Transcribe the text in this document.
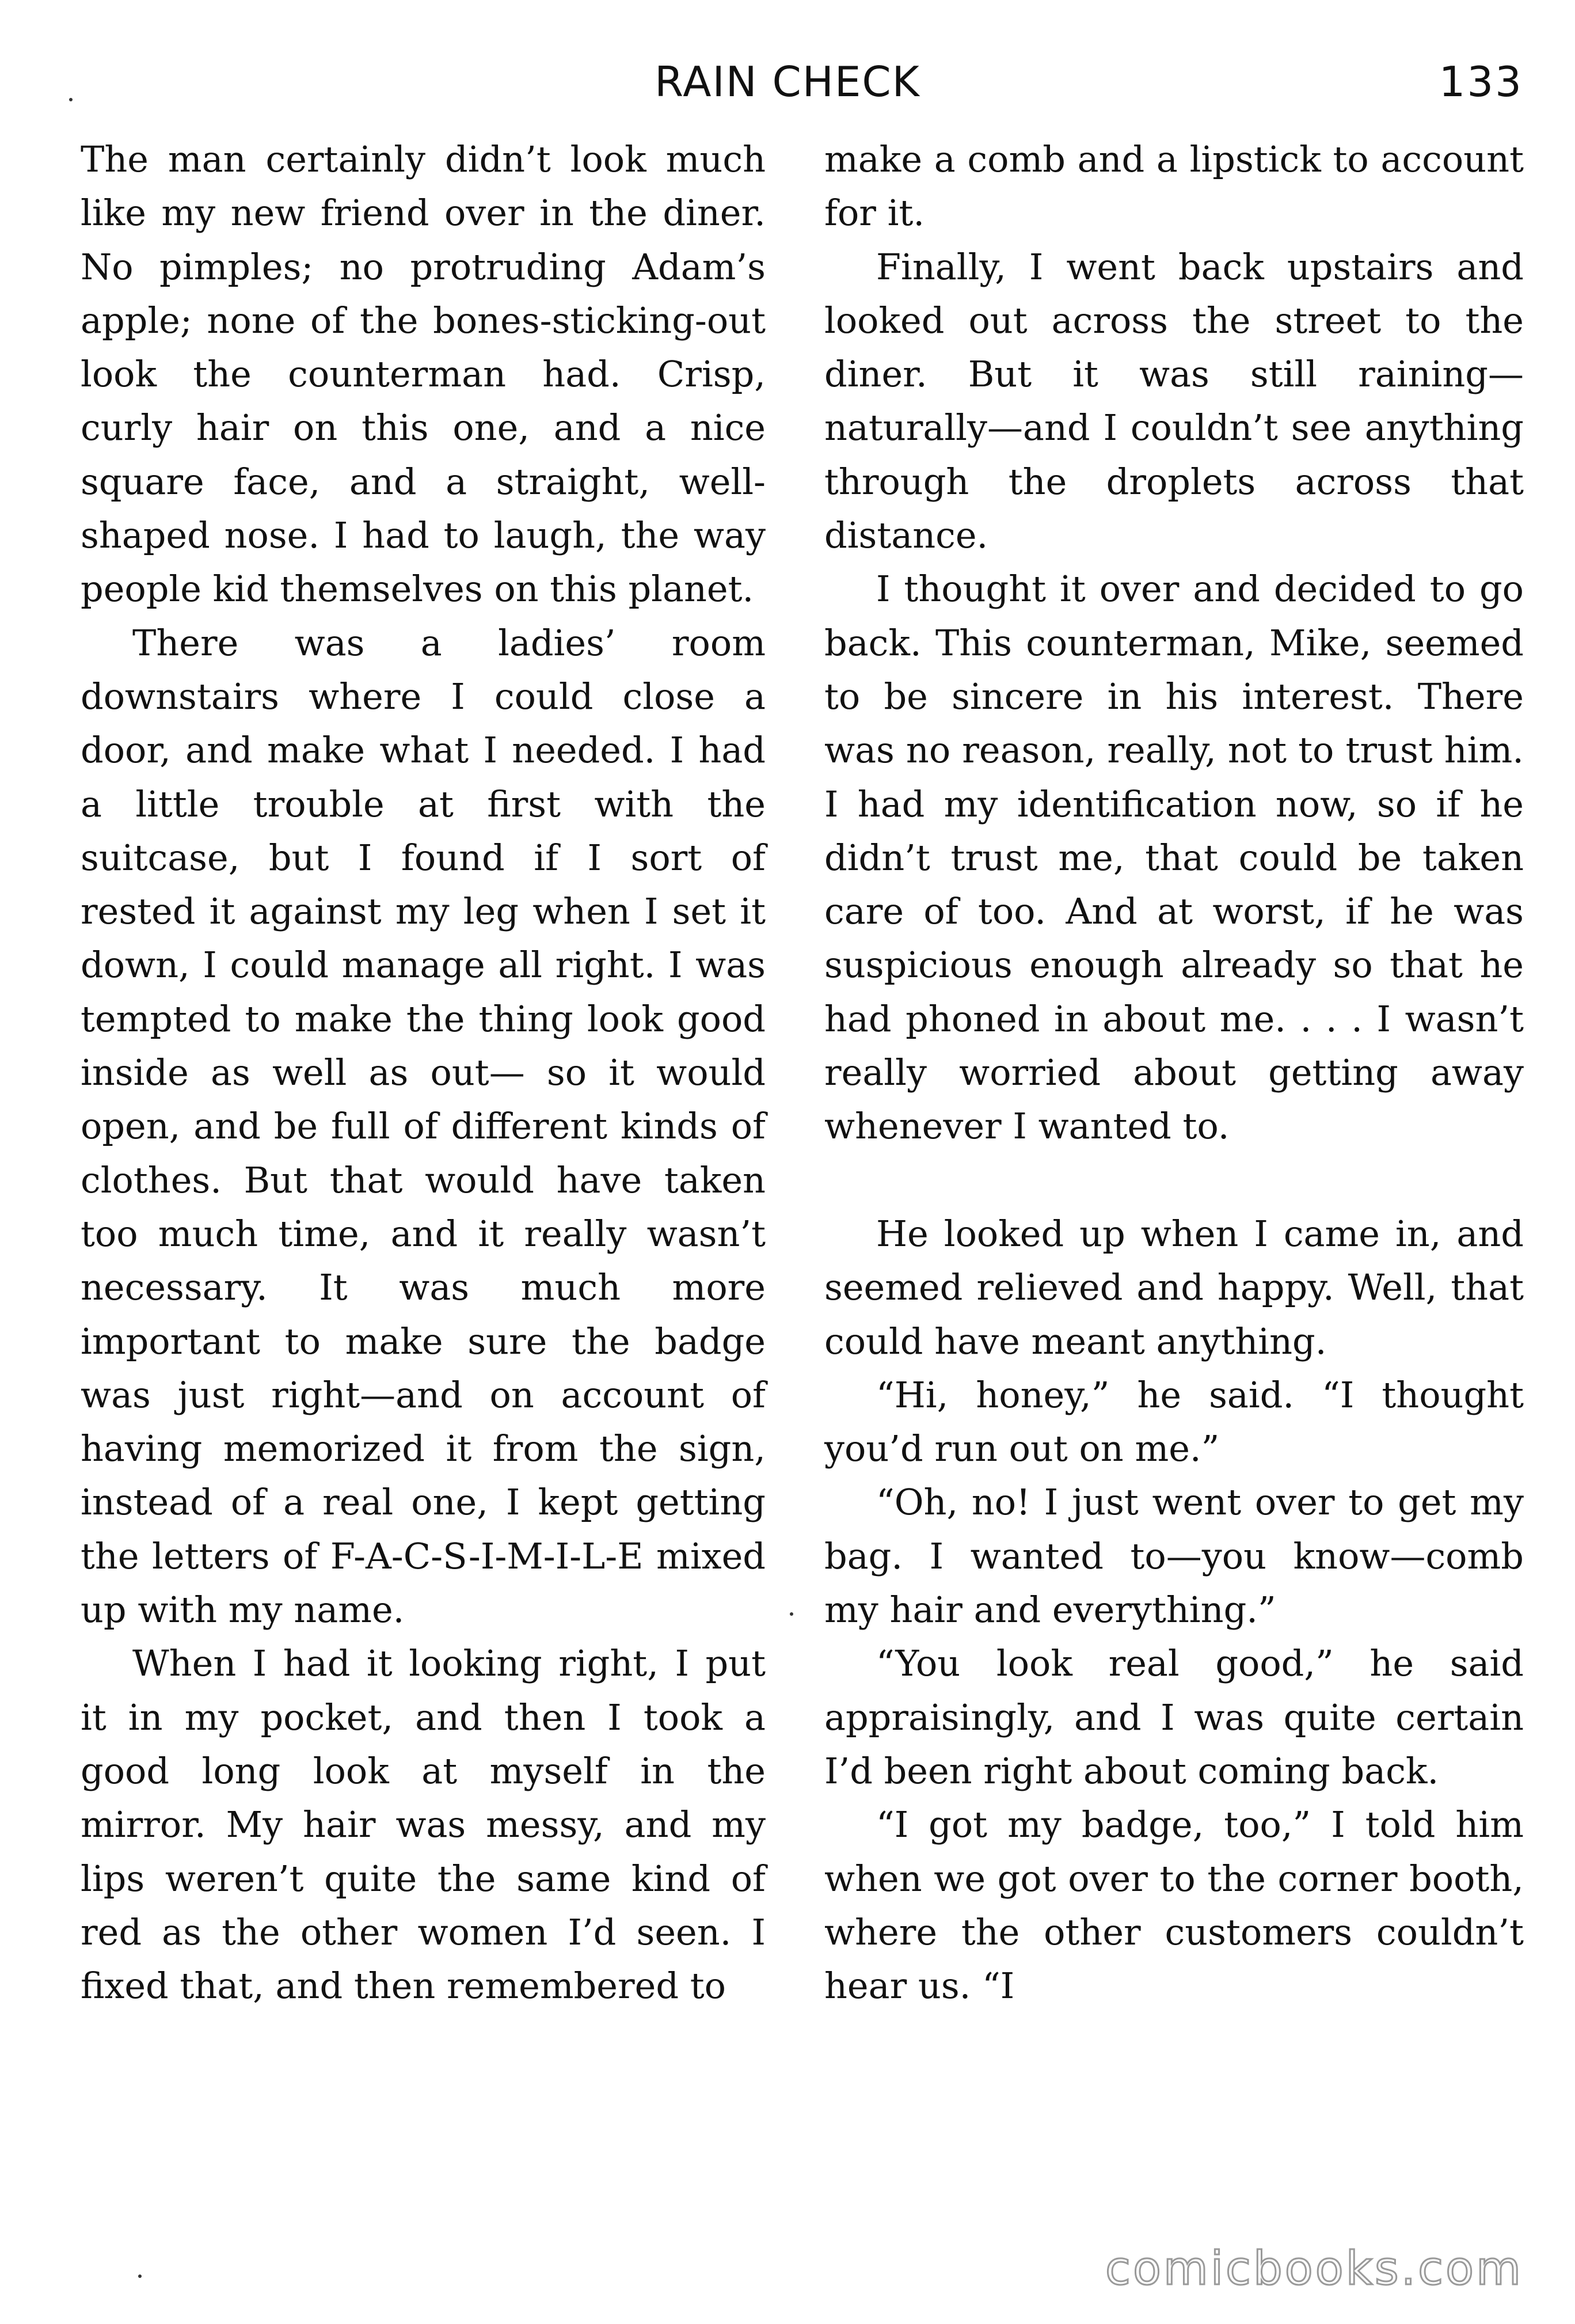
RAIN CHECK	133

The man certainly didn’t look much like my new friend over in the diner. No pimples; no protruding Adam’s apple; none of the bones-sticking-out look the counterman had. Crisp, curly hair on this one, and a nice square face, and a straight, well-shaped nose. I had to laugh, the way people kid themselves on this planet.

There was a ladies’ room downstairs where I could close a door, and make what I needed. I had a little trouble at first with the suitcase, but I found if I sort of rested it against my leg when I set it down, I could manage all right. I was tempted to make the thing look good inside as well as out— so it would open, and be full of different kinds of clothes. But that would have taken too much time, and it really wasn’t necessary. It was much more important to make sure the badge was just right—and on account of having memorized it from the sign, instead of a real one, I kept getting the letters of F-A-C-S-I-M-I-L-E mixed up with my name.

When I had it looking right, I put it in my pocket, and then I took a good long look at myself in the mirror. My hair was messy, and my lips weren’t quite the same kind of red as the other women I’d seen. I fixed that, and then remembered to

make a comb and a lipstick to account for it.

Finally, I went back upstairs and looked out across the street to the diner. But it was still raining—naturally—and I couldn’t see anything through the droplets across that distance.

I thought it over and decided to go back. This counterman, Mike, seemed to be sincere in his interest. There was no reason, really, not to trust him. I had my identification now, so if he didn’t trust me, that could be taken care of too. And at worst, if he was suspicious enough already so that he had phoned in about me. . . . I wasn’t really worried about getting away whenever I wanted to.

He looked up when I came in, and seemed relieved and happy. Well, that could have meant anything.

“Hi, honey,” he said. “I thought you’d run out on me.”

“Oh, no! I just went over to get my bag. I wanted to—you know—comb my hair and everything.”

“You look real good,” he said appraisingly, and I was quite certain I’d been right about coming back.

“I got my badge, too,” I told him when we got over to the corner booth, where the other customers couldn’t hear us. “I

comicbooks.com
